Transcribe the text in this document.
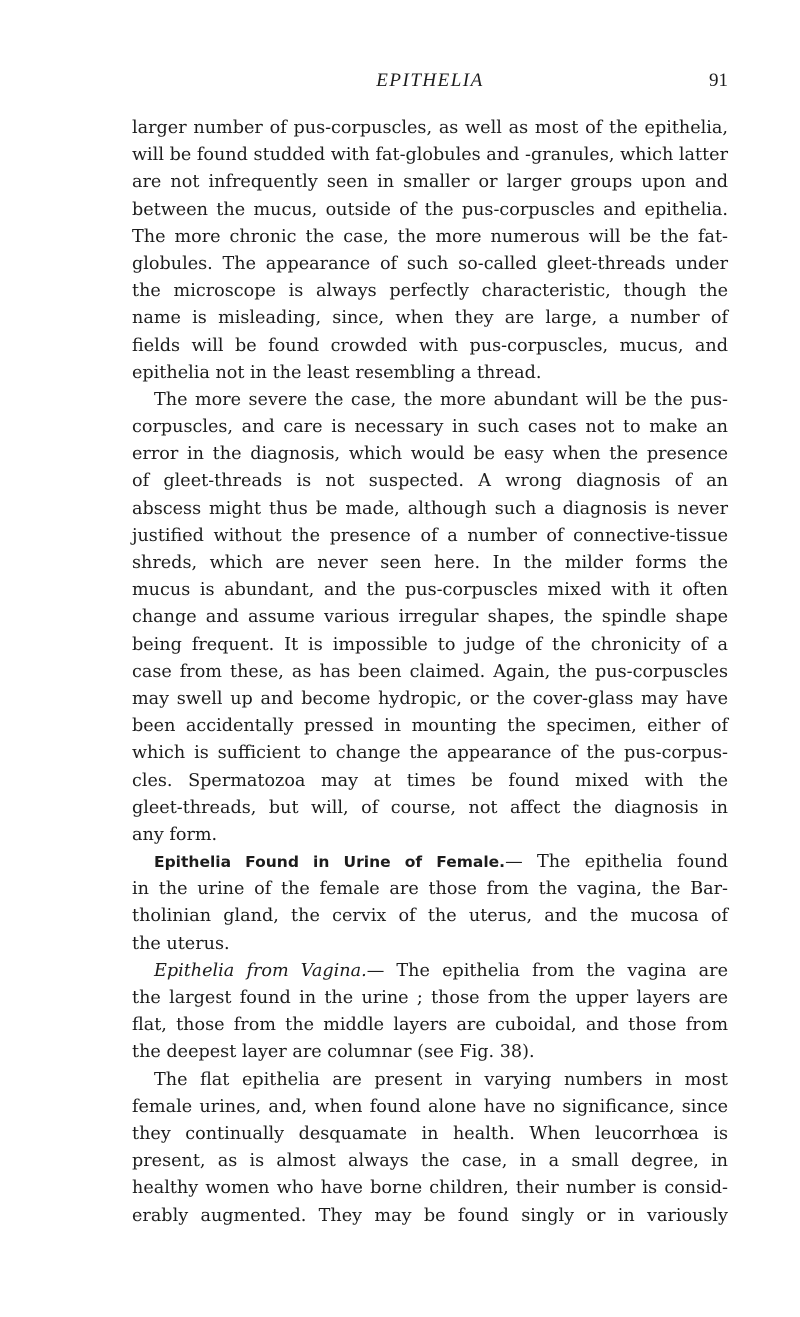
EPITHELIA	91
larger number of pus-corpuscles, as well as most of the epithelia,
will be found studded with fat-globules and -granules, which latter
are not infrequently seen in smaller or larger groups upon and
between the mucus, outside of the pus-corpuscles and epithelia.
The more chronic the case, the more numerous will be the fat-
globules. The appearance of such so-called gleet-threads under
the microscope is always perfectly characteristic, though the
name is misleading, since, when they are large, a number of
fields will be found crowded with pus-corpuscles, mucus, and
epithelia not in the least resembling a thread.
The more severe the case, the more abundant will be the pus-
corpuscles, and care is necessary in such cases not to make an
error in the diagnosis, which would be easy when the presence
of gleet-threads is not suspected. A wrong diagnosis of an
abscess might thus be made, although such a diagnosis is never
justified without the presence of a number of connective-tissue
shreds, which are never seen here. In the milder forms the
mucus is abundant, and the pus-corpuscles mixed with it often
change and assume various irregular shapes, the spindle shape
being frequent. It is impossible to judge of the chronicity of a
case from these, as has been claimed. Again, the pus-corpuscles
may swell up and become hydropic, or the cover-glass may have
been accidentally pressed in mounting the specimen, either of
which is sufficient to change the appearance of the pus-corpus-
cles. Spermatozoa may at times be found mixed with the
gleet-threads, but will, of course, not affect the diagnosis in
any form.
Epithelia Found in Urine of Female.— The epithelia found
in the urine of the female are those from the vagina, the Bar-
tholinian gland, the cervix of the uterus, and the mucosa of
the uterus.
Epithelia from Vagina.— The epithelia from the vagina are
the largest found in the urine ; those from the upper layers are
flat, those from the middle layers are cuboidal, and those from
the deepest layer are columnar (see Fig. 38).
The flat epithelia are present in varying numbers in most
female urines, and, when found alone have no significance, since
they continually desquamate in health. When leucorrhœa is
present, as is almost always the case, in a small degree, in
healthy women who have borne children, their number is consid-
erably augmented. They may be found singly or in variously
